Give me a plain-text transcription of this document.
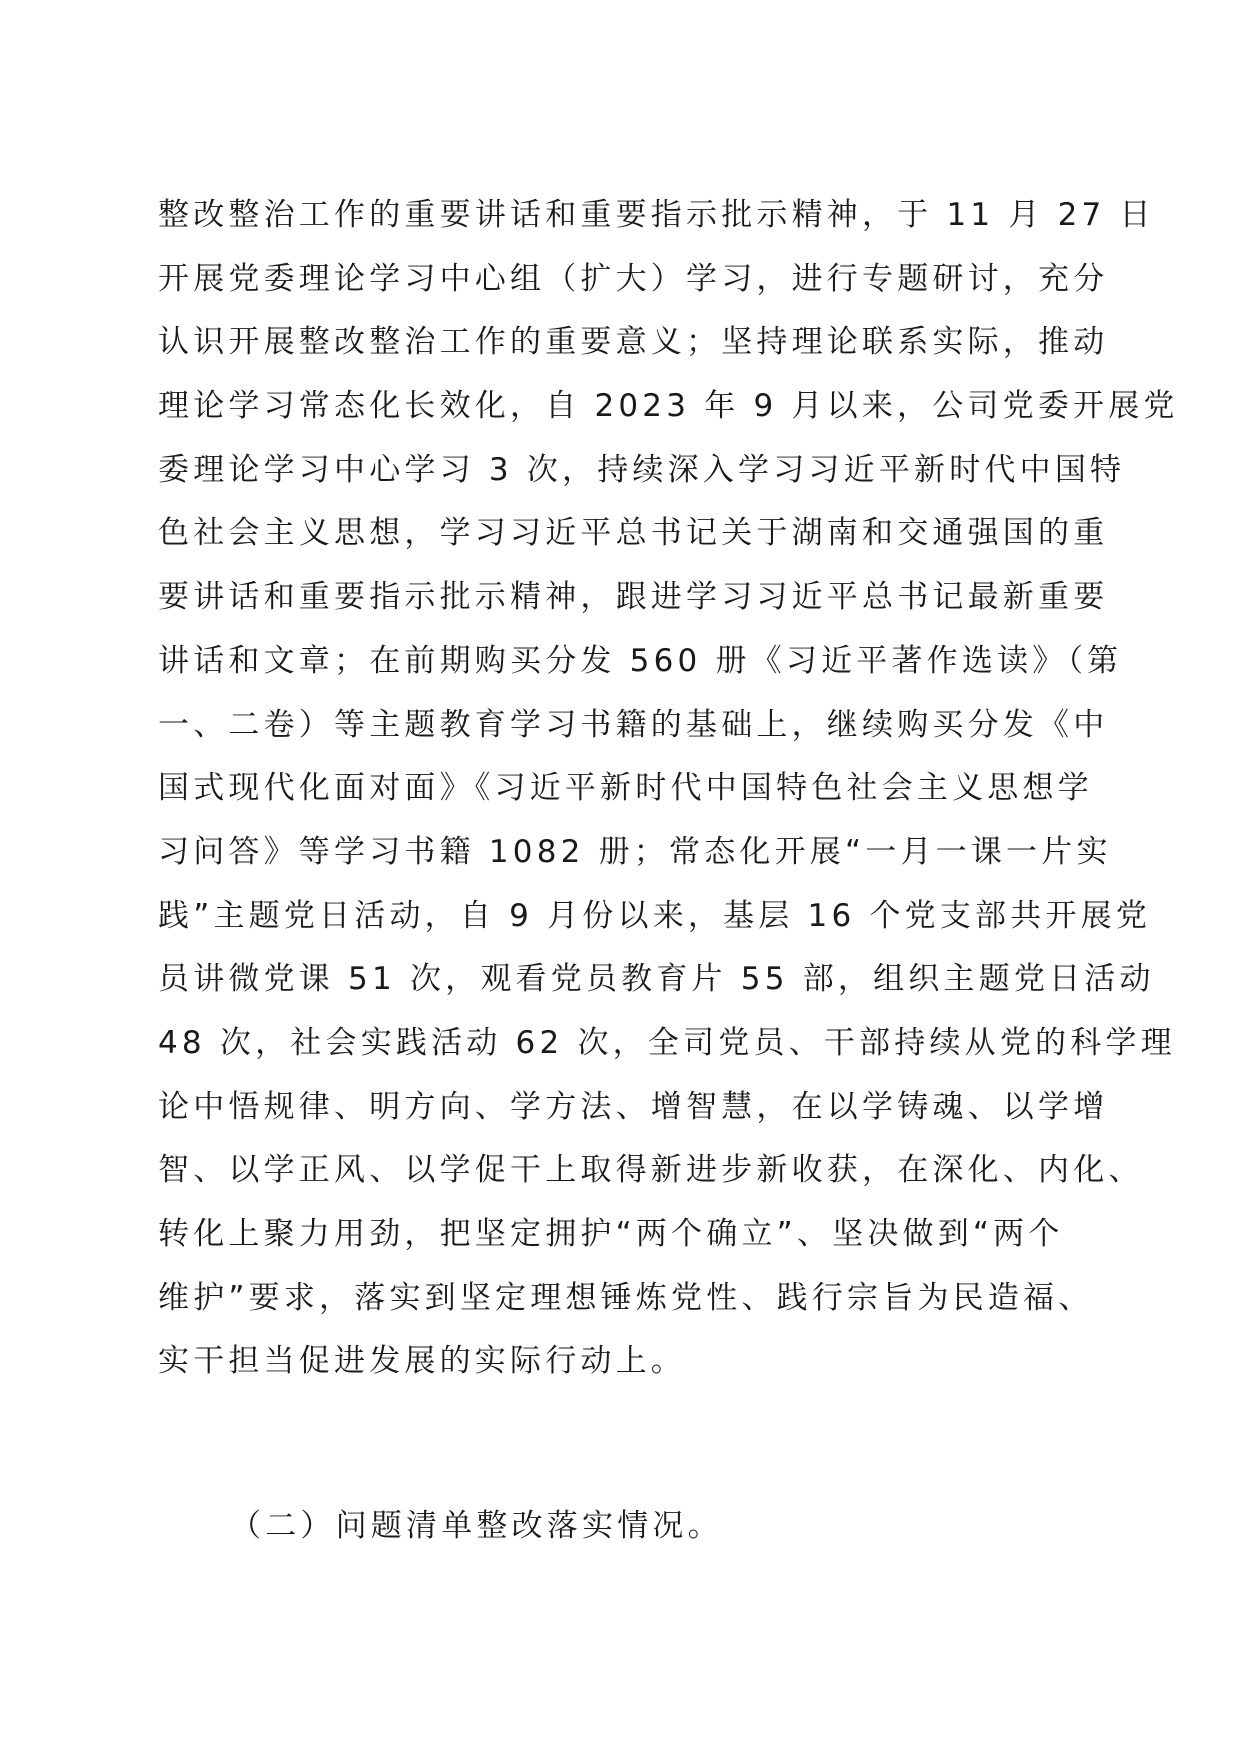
整改整治工作的重要讲话和重要指示批示精神，于 11 月 27 日
开展党委理论学习中心组（扩大）学习，进行专题研讨，充分
认识开展整改整治工作的重要意义；坚持理论联系实际，推动
理论学习常态化长效化，自 2023 年 9 月以来，公司党委开展党
委理论学习中心学习 3 次，持续深入学习习近平新时代中国特
色社会主义思想，学习习近平总书记关于湖南和交通强国的重
要讲话和重要指示批示精神，跟进学习习近平总书记最新重要
讲话和文章；在前期购买分发 560 册《习近平著作选读》（第
一、二卷）等主题教育学习书籍的基础上，继续购买分发《中
国式现代化面对面》《习近平新时代中国特色社会主义思想学
习问答》等学习书籍 1082 册；常态化开展“一月一课一片实
践”主题党日活动，自 9 月份以来，基层 16 个党支部共开展党
员讲微党课 51 次，观看党员教育片 55 部，组织主题党日活动
48 次，社会实践活动 62 次，全司党员、干部持续从党的科学理
论中悟规律、明方向、学方法、增智慧，在以学铸魂、以学增
智、以学正风、以学促干上取得新进步新收获，在深化、内化、
转化上聚力用劲，把坚定拥护“两个确立”、坚决做到“两个
维护”要求，落实到坚定理想锤炼党性、践行宗旨为民造福、
实干担当促进发展的实际行动上。
（二）问题清单整改落实情况。
